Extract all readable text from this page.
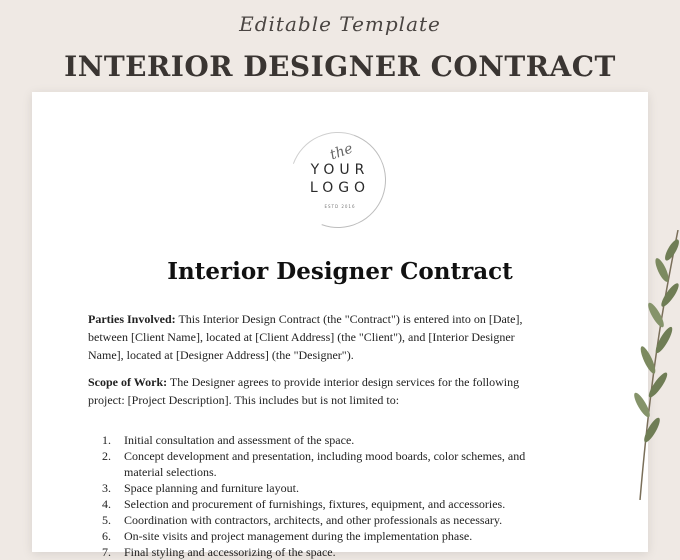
Editable Template
INTERIOR DESIGNER CONTRACT
the
YOUR
LOGO
ESTD 2016
Interior Designer Contract
Parties Involved: This Interior Design Contract (the "Contract") is entered into on [Date], between [Client Name], located at [Client Address] (the "Client"), and [Interior Designer Name], located at [Designer Address] (the "Designer").
Scope of Work: The Designer agrees to provide interior design services for the following project: [Project Description]. This includes but is not limited to:
1. Initial consultation and assessment of the space.
2. Concept development and presentation, including mood boards, color schemes, and material selections.
3. Space planning and furniture layout.
4. Selection and procurement of furnishings, fixtures, equipment, and accessories.
5. Coordination with contractors, architects, and other professionals as necessary.
6. On-site visits and project management during the implementation phase.
7. Final styling and accessorizing of the space.
